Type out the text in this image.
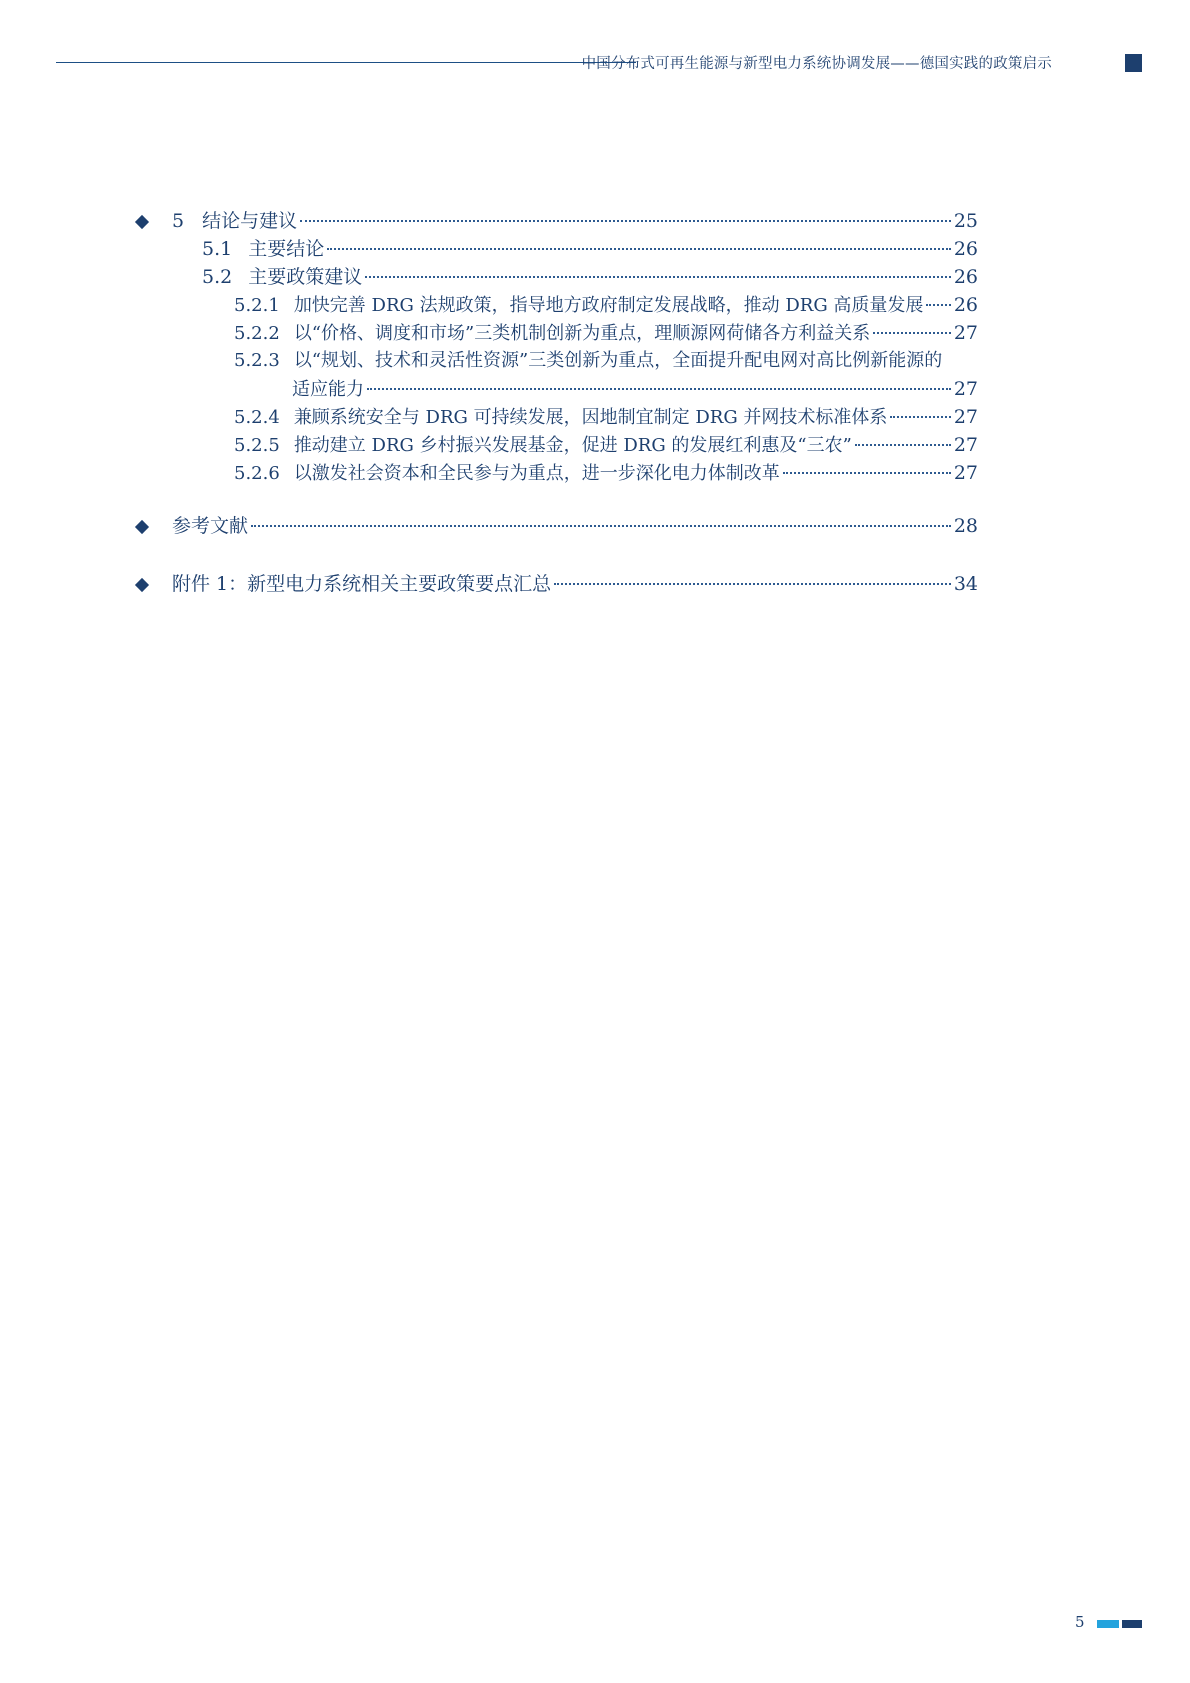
中国分布式可再生能源与新型电力系统协调发展——德国实践的政策启示
5 结论与建议	25
5.1 主要结论	26
5.2 主要政策建议	26
5.2.1 加快完善 DRG 法规政策，指导地方政府制定发展战略，推动 DRG 高质量发展 26
5.2.2 以“价格、调度和市场”三类机制创新为重点，理顺源网荷储各方利益关系	27
5.2.3 以“规划、技术和灵活性资源”三类创新为重点，全面提升配电网对高比例新能源的
适应能力	27
5.2.4 兼顾系统安全与 DRG 可持续发展，因地制宜制定 DRG 并网技术标准体系	27
5.2.5 推动建立 DRG 乡村振兴发展基金，促进 DRG 的发展红利惠及“三农”	27
5.2.6 以激发社会资本和全民参与为重点，进一步深化电力体制改革	27
参考文献	28
附件 1：新型电力系统相关主要政策要点汇总	34
5
